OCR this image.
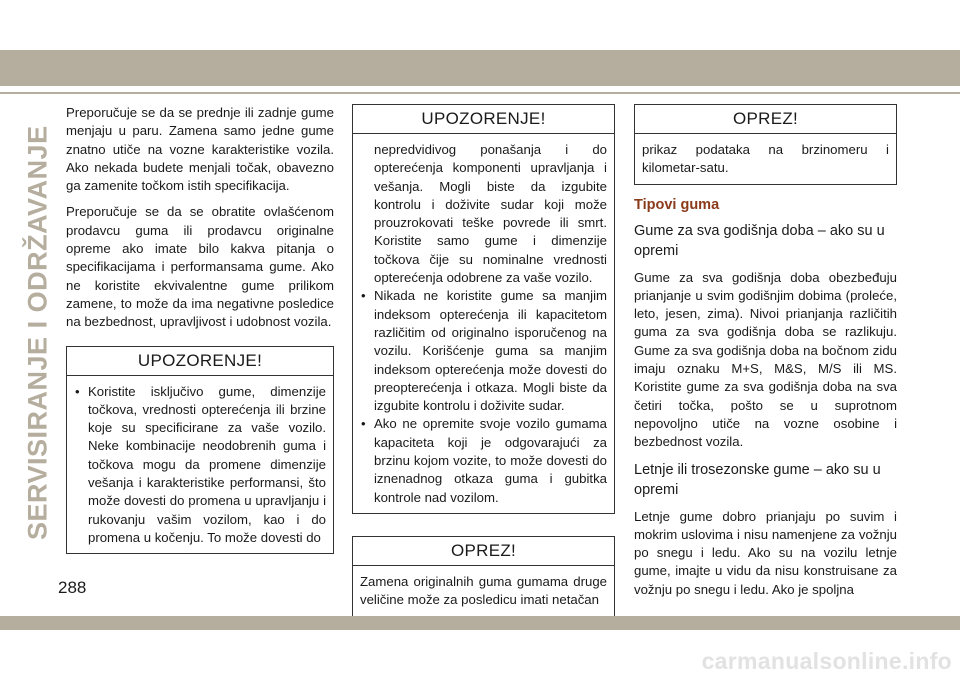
SERVISIRANJE I ODRŽAVANJE

Preporučuje se da se prednje ili zadnje gume menjaju u paru. Zamena samo jedne gume znatno utiče na vozne karakteristike vozila. Ako nekada budete menjali točak, obavezno ga zamenite točkom istih specifikacija.

Preporučuje se da se obratite ovlašćenom prodavcu guma ili prodavcu originalne opreme ako imate bilo kakva pitanja o specifikacijama i performansama gume. Ako ne koristite ekvivalentne gume prilikom zamene, to može da ima negativne posledice na bezbednost, upravljivost i udobnost vozila.

UPOZORENJE!
• Koristite isključivo gume, dimenzije točkova, vrednosti opterećenja ili brzine koje su specificirane za vaše vozilo. Neke kombinacije neodobrenih guma i točkova mogu da promene dimenzije vešanja i karakteristike performansi, što može dovesti do promena u upravljanju i rukovanju vašim vozilom, kao i do promena u kočenju. To može dovesti do
UPOZORENJE!
nepredvidivog ponašanja i do opterećenja komponenti upravljanja i vešanja. Mogli biste da izgubite kontrolu i doživite sudar koji može prouzrokovati teške povrede ili smrt. Koristite samo gume i dimenzije točkova čije su nominalne vrednosti opterećenja odobrene za vaše vozilo.
• Nikada ne koristite gume sa manjim indeksom opterećenja ili kapacitetom različitim od originalno isporučenog na vozilu. Korišćenje guma sa manjim indeksom opterećenja može dovesti do preopterećenja i otkaza. Mogli biste da izgubite kontrolu i doživite sudar.
• Ako ne opremite svoje vozilo gumama kapaciteta koji je odgovarajući za brzinu kojom vozite, to može dovesti do iznenadnog otkaza guma i gubitka kontrole nad vozilom.
OPREZ!

Zamena originalnih guma gumama druge veličine može za posledicu imati netačan

OPREZ!

prikaz podataka na brzinomeru i kilometar-satu.

Tipovi guma
Gume za sva godišnja doba – ako su u opremi

Gume za sva godišnja doba obezbeđuju prianjanje u svim godišnjim dobima (proleće, leto, jesen, zima). Nivoi prianjanja različitih guma za sva godišnja doba se razlikuju. Gume za sva godišnja doba na bočnom zidu imaju oznaku M+S, M&S, M/S ili MS. Koristite gume za sva godišnja doba na sva četiri točka, pošto se u suprotnom nepovoljno utiče na vozne osobine i bezbednost vozila.

Letnje ili trosezonske gume – ako su u opremi

Letnje gume dobro prianjaju po suvim i mokrim uslovima i nisu namenjene za vožnju po snegu i ledu. Ako su na vozilu letnje gume, imajte u vidu da nisu konstruisane za vožnju po snegu i ledu. Ako je spoljna

288
carmanualsonline.info
